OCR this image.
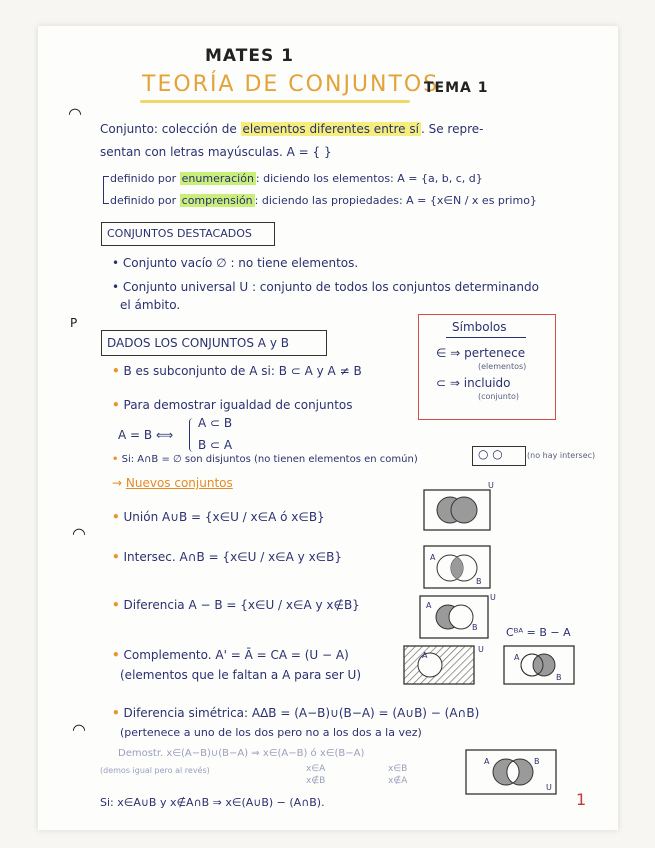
MATES 1
TEORÍA DE CONJUNTOS
TEMA 1
◠
Conjunto: colección de elementos diferentes entre sí . Se repre-
sentan con letras mayúsculas. A = { }
definido por enumeración : diciendo los elementos: A = {a, b, c, d}
definido por comprensión : diciendo las propiedades: A = {x∈N / x es primo}
CONJUNTOS DESTACADOS
• Conjunto vacío ∅ : no tiene elementos.
• Conjunto universal U : conjunto de todos los conjuntos determinando
el ámbito.
P
DADOS LOS CONJUNTOS A y B
Símbolos
∈ ⇒ pertenece
(elementos)
⊂ ⇒ incluido
(conjunto)
• B es subconjunto de A si: B ⊂ A y A ≠ B
• Para demostrar igualdad de conjuntos
A = B ⟺
A ⊂ B
B ⊂ A
• Si: A∩B = ∅ son disjuntos (no tienen elementos en común)	○ ○	(no hay intersec)
→ Nuevos conjuntos
• Unión A∪B = {x∈U / x∈A ó x∈B}
• Intersec. A∩B = {x∈U / x∈A y x∈B}
• Diferencia A − B = {x∈U / x∈A y x∉B}
• Complemento. A' = Ā = CA = (U − A)
(elementos que le faltan a A para ser U)
Cᴮᴬ = B − A
• Diferencia simétrica: AΔB = (A−B)∪(B−A) = (A∪B) − (A∩B)
(pertenece a uno de los dos pero no a los dos a la vez)
Demostr. x∈(A−B)∪(B−A) ⇒ x∈(A−B) ó x∈(B−A)
(demos igual pero al revés)	x∈A
x∉B
x∈B
x∉A
Si: x∈A∪B y x∉A∩B ⇒ x∈(A∪B) − (A∩B).
◠
◠
1
U
A
B
A
B
U
A
U
A
B
A	B
U
